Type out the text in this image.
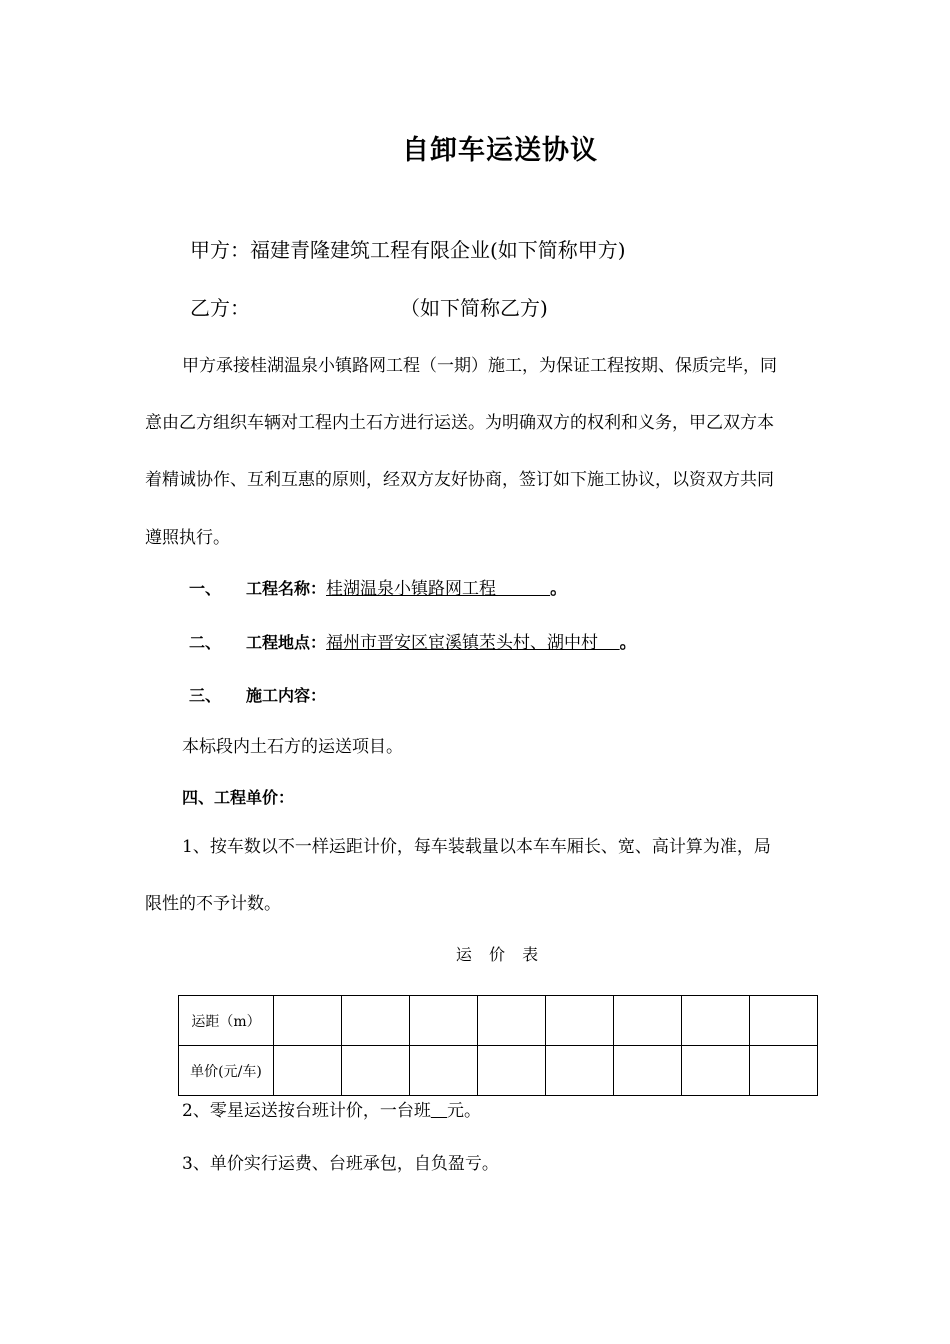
自卸车运送协议
甲方：福建青隆建筑工程有限企业(如下简称甲方)
乙方：	（如下简称乙方)
甲方承接桂湖温泉小镇路网工程（一期）施工，为保证工程按期、保质完毕，同
意由乙方组织车辆对工程内土石方进行运送。为明确双方的权利和义务，甲乙双方本
着精诚协作、互利互惠的原则，经双方友好协商，签订如下施工协议，以资双方共同
遵照执行。
一、 工程名称：桂湖温泉小镇路网工程          。
二、 工程地点：福州市晋安区宦溪镇苤头村、湖中村    。
三、 施工内容：
本标段内土石方的运送项目。
四、工程单价：
1、按车数以不一样运距计价，每车装载量以本车车厢长、宽、高计算为准，局
限性的不予计数。
运 价 表
运距（m）								
单价(元/车)								
2、零星运送按台班计价，一台班 元。
3、单价实行运费、台班承包，自负盈亏。
